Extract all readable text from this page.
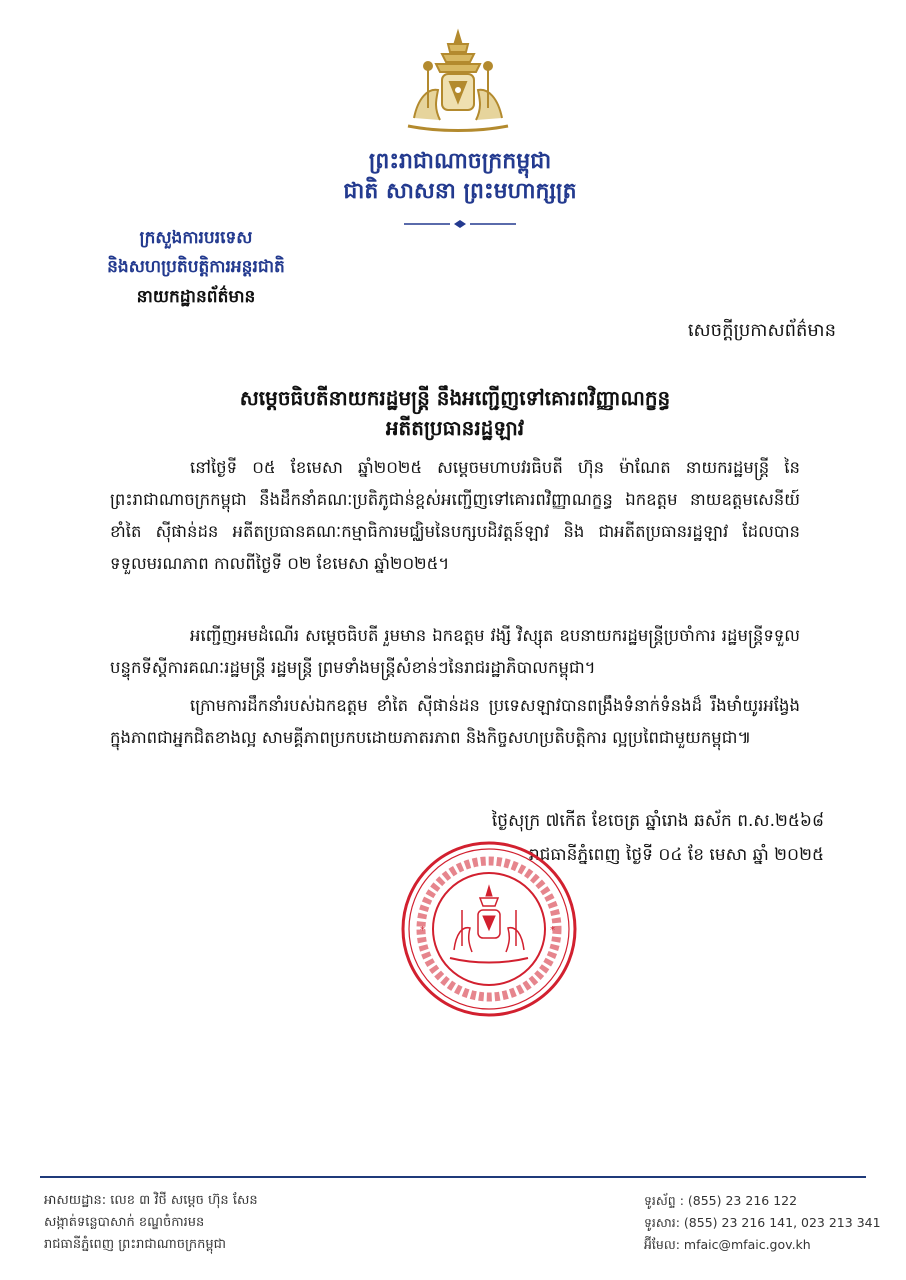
ព្រះរាជាណាចក្រកម្ពុជា
ជាតិ សាសនា ព្រះមហាក្សត្រ
ក្រសួងការបរទេស
និងសហប្រតិបត្តិការអន្តរជាតិ
នាយកដ្ឋានព័ត៌មាន
សេចក្តីប្រកាសព័ត៌មាន
សម្តេចធិបតីនាយករដ្ឋមន្រ្តី នឹងអញ្ជើញទៅគោរពវិញ្ញាណក្ខន្ធ
អតីតប្រធានរដ្ឋឡាវ

នៅថ្ងៃទី ០៥ ខែមេសា ឆ្នាំ២០២៥ សម្តេចមហាបវរធិបតី ហ៊ុន ម៉ាណែត នាយករដ្ឋមន្ត្រី នៃព្រះរាជាណាចក្រកម្ពុជា នឹងដឹកនាំគណៈប្រតិភូជាន់ខ្ពស់អញ្ជើញទៅគោរពវិញ្ញាណក្ខន្ធ ឯកឧត្តម នាយឧត្តមសេនីយ៍ ខាំតៃ ស៊ីផាន់ដន អតីតប្រធានគណៈកម្មាធិការមជ្ឈិមនៃបក្សបដិវត្តន៍ឡាវ និង ជាអតីតប្រធានរដ្ឋឡាវ ដែលបានទទួលមរណភាព កាលពីថ្ងៃទី ០២ ខែមេសា ឆ្នាំ២០២៥។

អញ្ជើញអមដំណើរ សម្តេចធិបតី រួមមាន ឯកឧត្តម វង្សី វិស្សុត ឧបនាយករដ្ឋមន្ត្រីប្រចាំការ រដ្ឋមន្ត្រីទទួលបន្ទុកទីស្តីការគណៈរដ្ឋមន្ត្រី រដ្ឋមន្ត្រី ព្រមទាំងមន្ត្រីសំខាន់ៗនៃរាជរដ្ឋាភិបាលកម្ពុជា។

ក្រោមការដឹកនាំរបស់ឯកឧត្តម ខាំតៃ ស៊ីផាន់ដន ប្រទេសឡាវបានពង្រឹងទំនាក់ទំនងដ៏ រឹងមាំយូរអង្វែងក្នុងភាពជាអ្នកជិតខាងល្អ សាមគ្គីភាពប្រកបដោយភាតរភាព និងកិច្ចសហប្រតិបត្តិការ ល្អប្រពៃជាមួយកម្ពុជា៕

ថ្ងៃសុក្រ ៧កើត ខែចេត្រ ឆ្នាំរោង ឆស័ក ព.ស.២៥៦៨
រាជធានីភ្នំពេញ ថ្ងៃទី ០៤ ខែ មេសា ឆ្នាំ ២០២៥
*	*
អាសយដ្ឋាន: លេខ ៣ វិថី សម្តេច ហ៊ុន សែន
សង្កាត់ទន្លេបាសាក់ ខណ្ឌចំការមន
រាជធានីភ្នំពេញ ព្រះរាជាណាចក្រកម្ពុជា
ទូរស័ព្ទ : (855) 23 216 122
ទូរសារ: (855) 23 216 141, 023 213 341
អ៊ីមែល: mfaic@mfaic.gov.kh
